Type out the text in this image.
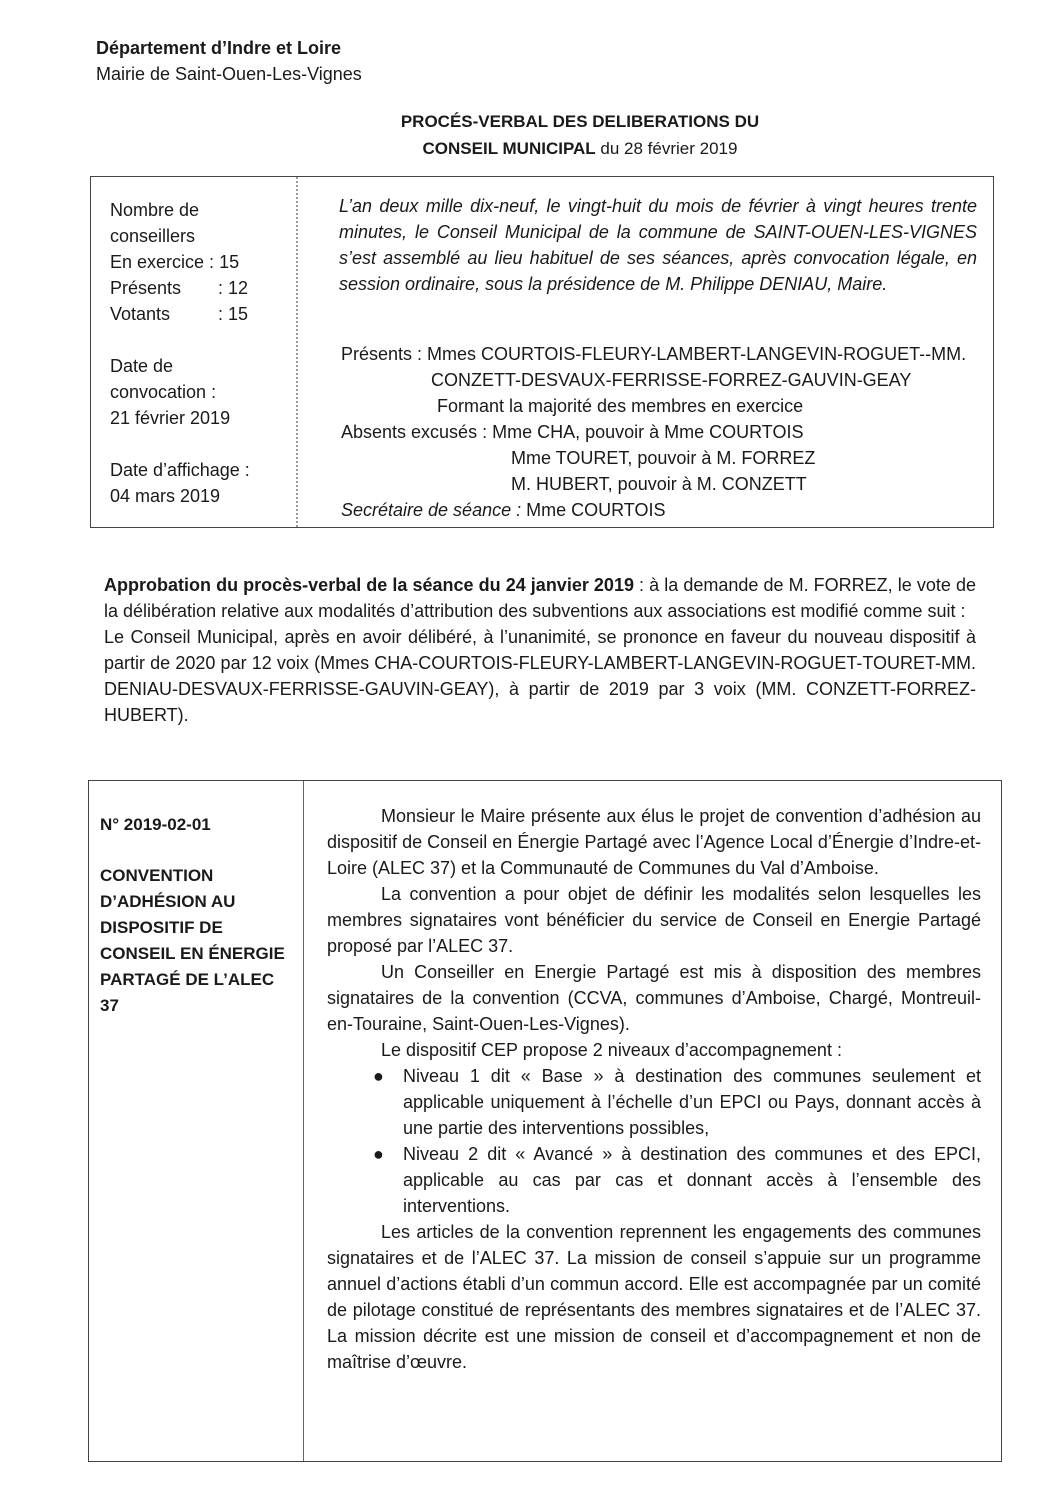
Département d’Indre et Loire
Mairie de Saint-Ouen-Les-Vignes
PROCÉS-VERBAL DES DELIBERATIONS DU
CONSEIL MUNICIPAL du 28 février 2019
Nombre de
conseillers
En exercice : 15
Présents : 12
Votants	: 15
Date de
convocation :
21 février 2019
Date d’affichage :
04 mars 2019
L’an deux mille dix-neuf, le vingt-huit du mois de février à vingt heures trente minutes, le Conseil Municipal de la commune de SAINT-OUEN-LES-VIGNES s’est assemblé au lieu habituel de ses séances, après convocation légale, en session ordinaire, sous la présidence de M. Philippe DENIAU, Maire.
Présents : Mmes COURTOIS-FLEURY-LAMBERT-LANGEVIN-ROGUET--MM.
CONZETT-DESVAUX-FERRISSE-FORREZ-GAUVIN-GEAY
Formant la majorité des membres en exercice
Absents excusés : Mme CHA, pouvoir à Mme COURTOIS
Mme TOURET, pouvoir à M. FORREZ
M. HUBERT, pouvoir à M. CONZETT
Secrétaire de séance : Mme COURTOIS
Approbation du procès-verbal de la séance du 24 janvier 2019 : à la demande de M. FORREZ, le vote de la délibération relative aux modalités d’attribution des subventions aux associations est modifié comme suit :
Le Conseil Municipal, après en avoir délibéré, à l’unanimité, se prononce en faveur du nouveau dispositif à partir de 2020 par 12 voix (Mmes CHA-COURTOIS-FLEURY-LAMBERT-LANGEVIN-ROGUET-TOURET-MM. DENIAU-DESVAUX-FERRISSE-GAUVIN-GEAY), à partir de 2019 par 3 voix (MM. CONZETT-FORREZ-HUBERT).
N° 2019-02-01
CONVENTION D’ADHÉSION AU DISPOSITIF DE CONSEIL EN ÉNERGIE PARTAGÉ DE L’ALEC 37

Monsieur le Maire présente aux élus le projet de convention d’adhésion au dispositif de Conseil en Énergie Partagé avec l’Agence Local d’Énergie d’Indre-et-Loire (ALEC 37) et la Communauté de Communes du Val d’Amboise.

La convention a pour objet de définir les modalités selon lesquelles les membres signataires vont bénéficier du service de Conseil en Energie Partagé proposé par l’ALEC 37.

Un Conseiller en Energie Partagé est mis à disposition des membres signataires de la convention (CCVA, communes d’Amboise, Chargé, Montreuil-en-Touraine, Saint-Ouen-Les-Vignes).

Le dispositif CEP propose 2 niveaux d’accompagnement :

● Niveau 1 dit « Base » à destination des communes seulement et applicable uniquement à l’échelle d’un EPCI ou Pays, donnant accès à une partie des interventions possibles,
● Niveau 2 dit « Avancé » à destination des communes et des EPCI, applicable au cas par cas et donnant accès à l’ensemble des interventions.

Les articles de la convention reprennent les engagements des communes signataires et de l’ALEC 37. La mission de conseil s’appuie sur un programme annuel d’actions établi d’un commun accord. Elle est accompagnée par un comité de pilotage constitué de représentants des membres signataires et de l’ALEC 37. La mission décrite est une mission de conseil et d’accompagnement et non de maîtrise d’œuvre.
